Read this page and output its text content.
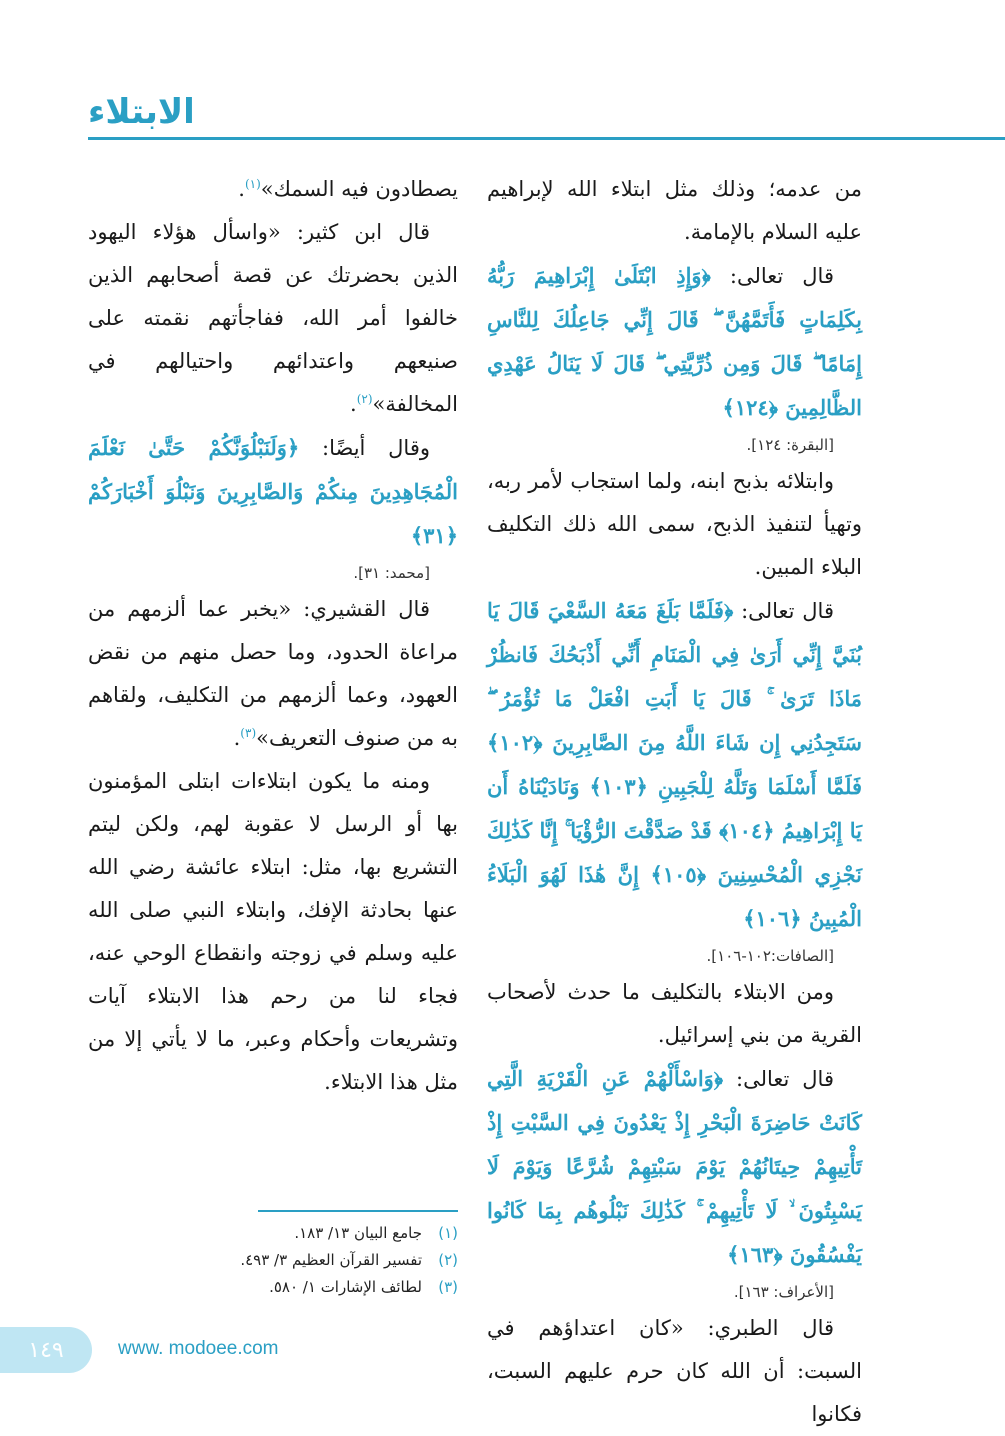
الابتلاء

من عدمه؛ وذلك مثل ابتلاء الله لإبراهيم عليه السلام بالإمامة.

قال تعالى: ﴿وَإِذِ ابْتَلَىٰ إِبْرَاهِيمَ رَبُّهُ بِكَلِمَاتٍ فَأَتَمَّهُنَّ ۖ قَالَ إِنِّي جَاعِلُكَ لِلنَّاسِ إِمَامًا ۖ قَالَ وَمِن ذُرِّيَّتِي ۖ قَالَ لَا يَنَالُ عَهْدِي الظَّالِمِينَ ﴿١٢٤﴾
[البقرة: ١٢٤].

وابتلائه بذبح ابنه، ولما استجاب لأمر ربه، وتهيأ لتنفيذ الذبح، سمى الله ذلك التكليف البلاء المبين.

قال تعالى: ﴿فَلَمَّا بَلَغَ مَعَهُ السَّعْيَ قَالَ يَا بُنَيَّ إِنِّي أَرَىٰ فِي الْمَنَامِ أَنِّي أَذْبَحُكَ فَانظُرْ مَاذَا تَرَىٰ ۚ قَالَ يَا أَبَتِ افْعَلْ مَا تُؤْمَرُ ۖ سَتَجِدُنِي إِن شَاءَ اللَّهُ مِنَ الصَّابِرِينَ ﴿١٠٢﴾ فَلَمَّا أَسْلَمَا وَتَلَّهُ لِلْجَبِينِ ﴿١٠٣﴾ وَنَادَيْنَاهُ أَن يَا إِبْرَاهِيمُ ﴿١٠٤﴾ قَدْ صَدَّقْتَ الرُّؤْيَا ۚ إِنَّا كَذَٰلِكَ نَجْزِي الْمُحْسِنِينَ ﴿١٠٥﴾ إِنَّ هَٰذَا لَهُوَ الْبَلَاءُ الْمُبِينُ ﴿١٠٦﴾
[الصافات:١٠٢-١٠٦].

ومن الابتلاء بالتكليف ما حدث لأصحاب القرية من بني إسرائيل.

قال تعالى: ﴿وَاسْأَلْهُمْ عَنِ الْقَرْيَةِ الَّتِي كَانَتْ حَاضِرَةَ الْبَحْرِ إِذْ يَعْدُونَ فِي السَّبْتِ إِذْ تَأْتِيهِمْ حِيتَانُهُمْ يَوْمَ سَبْتِهِمْ شُرَّعًا وَيَوْمَ لَا يَسْبِتُونَ ۙ لَا تَأْتِيهِمْ ۚ كَذَٰلِكَ نَبْلُوهُم بِمَا كَانُوا يَفْسُقُونَ ﴿١٦٣﴾
[الأعراف: ١٦٣].

قال الطبري: «كان اعتداؤهم في السبت: أن الله كان حرم عليهم السبت، فكانوا

يصطادون فيه السمك»$^{(١)}$.

قال ابن كثير: «واسأل هؤلاء اليهود الذين بحضرتك عن قصة أصحابهم الذين خالفوا أمر الله، ففاجأتهم نقمته على صنيعهم واعتدائهم واحتيالهم في المخالفة»$^{(٢)}$.

وقال أيضًا: ﴿وَلَنَبْلُوَنَّكُمْ حَتَّىٰ نَعْلَمَ الْمُجَاهِدِينَ مِنكُمْ وَالصَّابِرِينَ وَنَبْلُوَ أَخْبَارَكُمْ ﴿٣١﴾
[محمد: ٣١].

قال القشيري: «يخبر عما ألزمهم من مراعاة الحدود، وما حصل منهم من نقض العهود، وعما ألزمهم من التكليف، ولقاهم به من صنوف التعريف»$^{(٣)}$.

ومنه ما يكون ابتلاءات ابتلى المؤمنون بها أو الرسل لا عقوبة لهم، ولكن ليتم التشريع بها، مثل: ابتلاء عائشة رضي الله عنها بحادثة الإفك، وابتلاء النبي صلى الله عليه وسلم في زوجته وانقطاع الوحي عنه، فجاء لنا من رحم هذا الابتلاء آيات وتشريعات وأحكام وعبر، ما لا يأتي إلا من مثل هذا الابتلاء.

(١)
جامع البيان ١٣/ ١٨٣.
(٢)
تفسير القرآن العظيم ٣/ ٤٩٣.
(٣)
لطائف الإشارات ١/ ٥٨٠.
١٤٩	www. modoee.com
